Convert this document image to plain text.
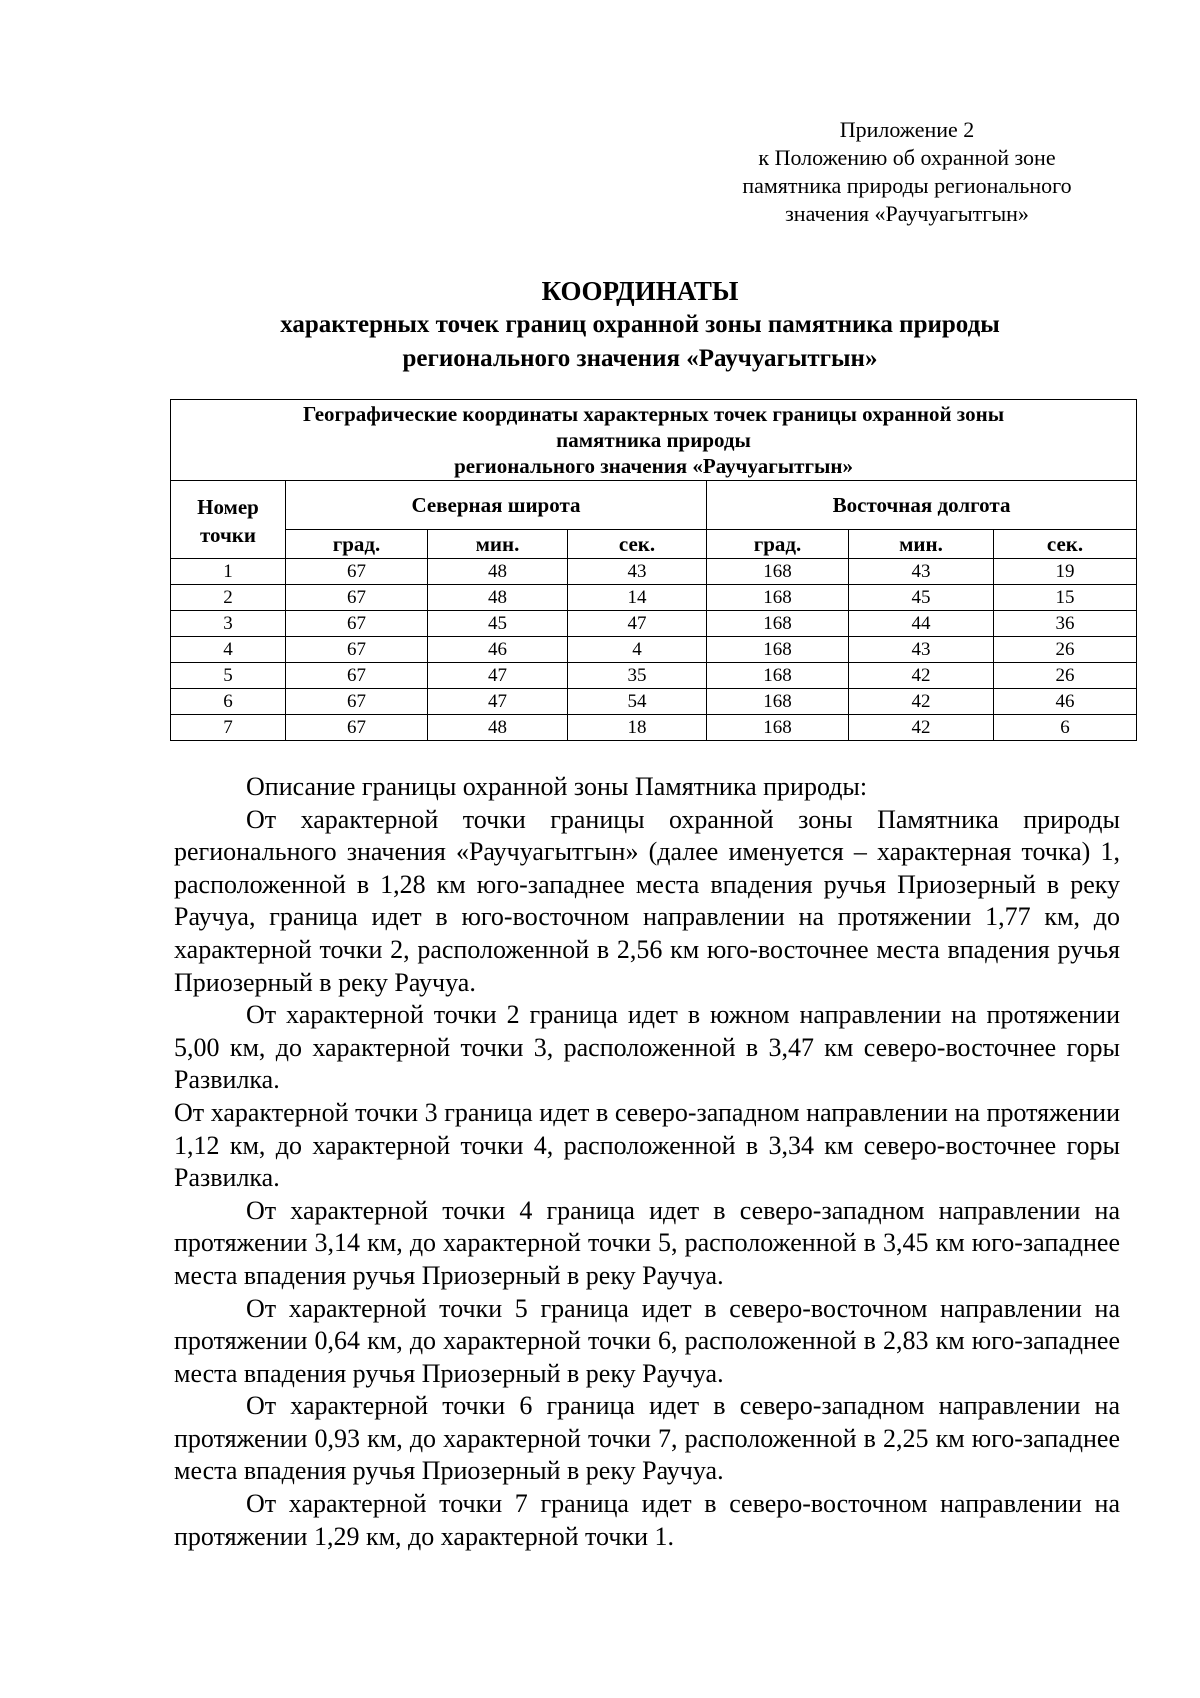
Приложение 2
к Положению об охранной зоне
памятника природы регионального
значения «Раучуагытгын»
КООРДИНАТЫ
характерных точек границ охранной зоны памятника природы
регионального значения «Раучуагытгын»
Географические координаты характерных точек границы охранной зоны
памятника природы
регионального значения «Раучуагытгын»						

Номер
точки	Северная широта			Восточная долгота		
	град.	мин.	сек.	град.	мин.	сек.
1	67	48	43	168	43	19
2	67	48	14	168	45	15
3	67	45	47	168	44	36
4	67	46	4	168	43	26
5	67	47	35	168	42	26
6	67	47	54	168	42	46
7	67	48	18	168	42	6

Описание границы охранной зоны Памятника природы:

От характерной точки границы охранной зоны Памятника природы регионального значения «Раучуагытгын» (далее именуется – характерная точка) 1, расположенной в 1,28 км юго-западнее места впадения ручья Приозерный в реку Раучуа, граница идет в юго-восточном направлении на протяжении 1,77 км, до характерной точки 2, расположенной в 2,56 км юго-восточнее места впадения ручья Приозерный в реку Раучуа.

От характерной точки 2 граница идет в южном направлении на протяжении 5,00 км, до характерной точки 3, расположенной в 3,47 км северо-восточнее горы Развилка.

От характерной точки 3 граница идет в северо-западном направлении на протяжении 1,12 км, до характерной точки 4, расположенной в 3,34 км северо-восточнее горы Развилка.

От характерной точки 4 граница идет в северо-западном направлении на протяжении 3,14 км, до характерной точки 5, расположенной в 3,45 км юго-западнее места впадения ручья Приозерный в реку Раучуа.

От характерной точки 5 граница идет в северо-восточном направлении на протяжении 0,64 км, до характерной точки 6, расположенной в 2,83 км юго-западнее места впадения ручья Приозерный в реку Раучуа.

От характерной точки 6 граница идет в северо-западном направлении на протяжении 0,93 км, до характерной точки 7, расположенной в 2,25 км юго-западнее места впадения ручья Приозерный в реку Раучуа.

От характерной точки 7 граница идет в северо-восточном направлении на протяжении 1,29 км, до характерной точки 1.
